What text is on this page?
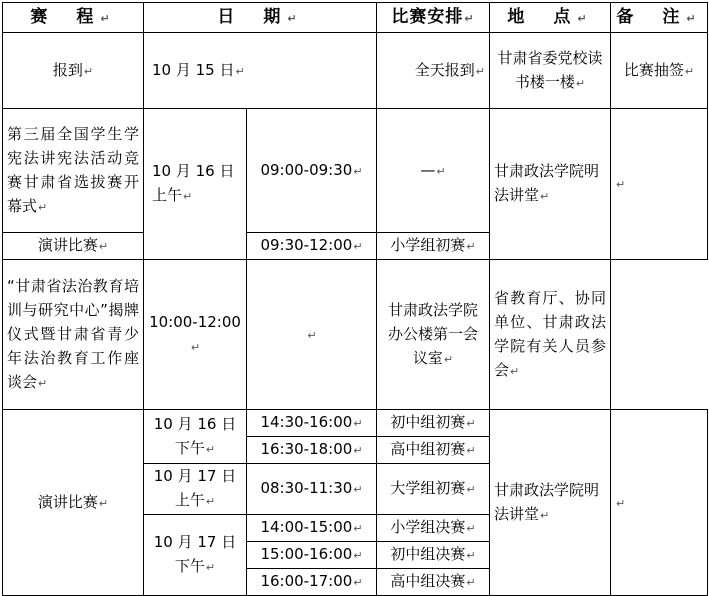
赛　程↵	日　期↵		比赛安排↵	地　点↵	备　注↵
报到↵	10 月 15 日↵		全天报到↵	甘肃省委党校读书楼一楼↵	比赛抽签↵
第三届全国学生学宪法讲宪法活动竞赛甘肃省选拔赛开幕式↵	10 月 16 日上午↵	09:00-09:30↵	—↵	甘肃政法学院明法讲堂↵	↵
演讲比赛↵		09:30-12:00↵	小学组初赛↵		
“甘肃省法治教育培训与研究中心”揭牌仪式暨甘肃省青少年法治教育工作座谈会↵	10:00-12:00↵	↵	甘肃政法学院办公楼第一会议室↵	省教育厅、协同单位、甘肃政法学院有关人员参会↵	
演讲比赛↵	10 月 16 日下午↵	14:30-16:00↵	初中组初赛↵	甘肃政法学院明法讲堂↵	↵
		16:30-18:00↵	高中组初赛↵		
	10 月 17 日上午↵	08:30-11:30↵	大学组初赛↵		
	10 月 17 日下午↵	14:00-15:00↵	小学组决赛↵		
		15:00-16:00↵	初中组决赛↵		
		16:00-17:00↵	高中组决赛↵		
